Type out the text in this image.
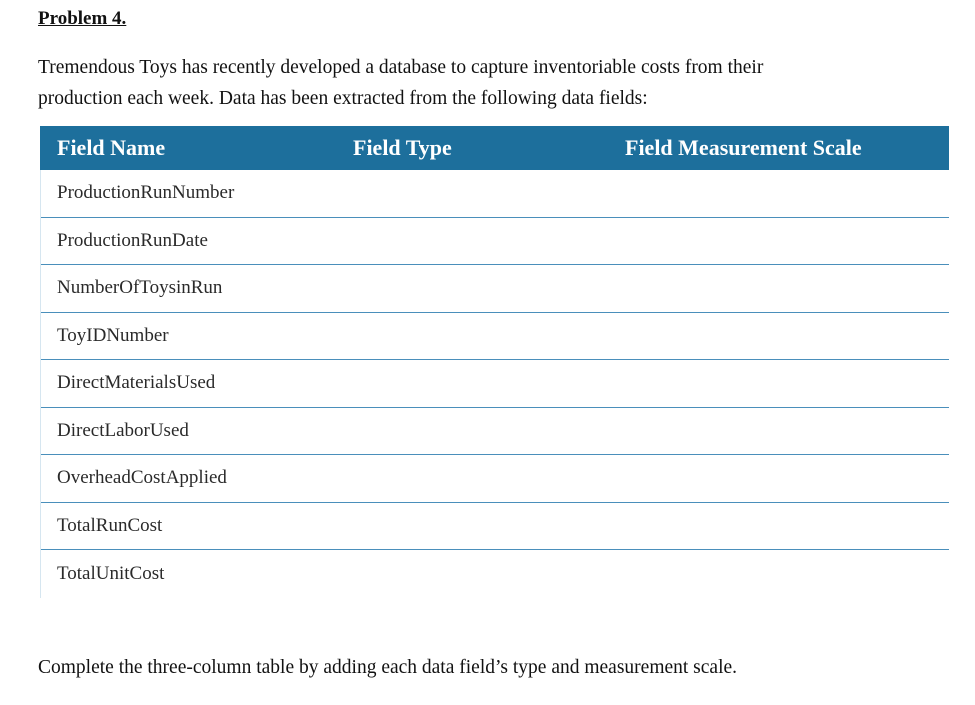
Problem 4.

Tremendous Toys has recently developed a database to capture inventoriable costs from their
production each week. Data has been extracted from the following data fields:

Field Name	Field Type	Field Measurement Scale
ProductionRunNumber
ProductionRunDate
NumberOfToysinRun
ToyIDNumber
DirectMaterialsUsed
DirectLaborUsed
OverheadCostApplied
TotalRunCost
TotalUnitCost

Complete the three-column table by adding each data field’s type and measurement scale.
